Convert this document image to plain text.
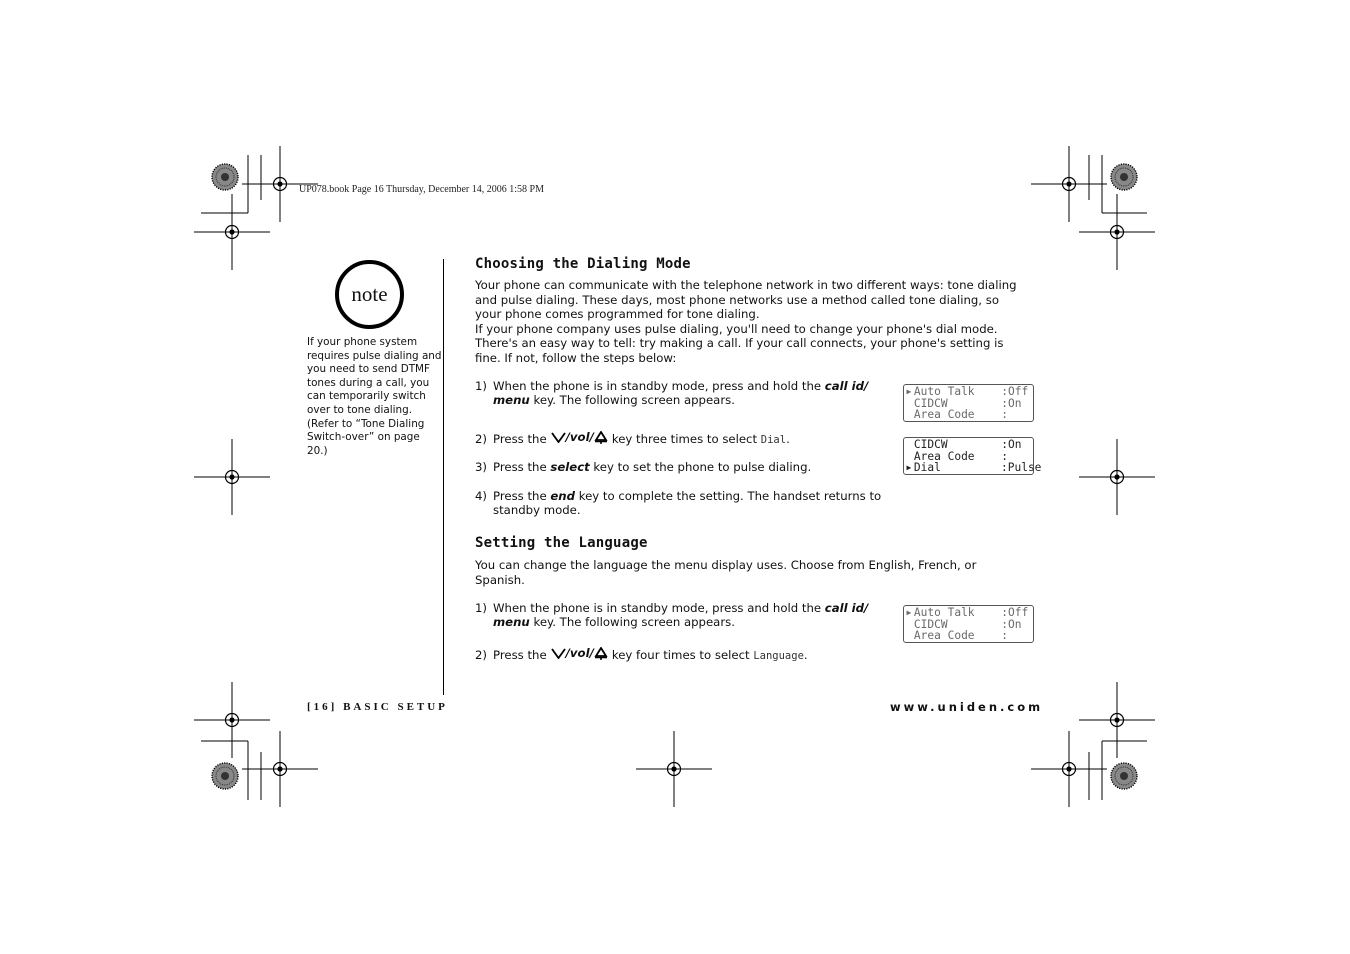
UP078.book Page 16 Thursday, December 14, 2006 1:58 PM
note
If your phone system requires pulse dialing and you need to send DTMF tones during a call, you can temporarily switch over to tone dialing. (Refer to “Tone Dialing Switch-over” on page 20.)
Choosing the Dialing Mode
Your phone can communicate with the telephone network in two different ways: tone dialing
and pulse dialing. These days, most phone networks use a method called tone dialing, so
your phone comes programmed for tone dialing.
If your phone company uses pulse dialing, you'll need to change your phone's dial mode.
There's an easy way to tell: try making a call. If your call connects, your phone's setting is
fine. If not, follow the steps below:
1) When the phone is in standby mode, press and hold the call id/
menu key. The following screen appears.
2) Press the /vol/ key three times to select Dial.
3) Press the select key to set the phone to pulse dialing.
4) Press the end key to complete the setting. The handset returns to
standby mode.
▶ Auto Talk	:Off
CIDCW	:On
Area Code	:
CIDCW	:On
Area Code	:
▶ Dial	:Pulse
Setting the Language
You can change the language the menu display uses. Choose from English, French, or
Spanish.
1) When the phone is in standby mode, press and hold the call id/
menu key. The following screen appears.
2) Press the /vol/ key four times to select Language.
▶ Auto Talk	:Off
CIDCW	:On
Area Code	:
[16] BASIC SETUP	www.uniden.com
